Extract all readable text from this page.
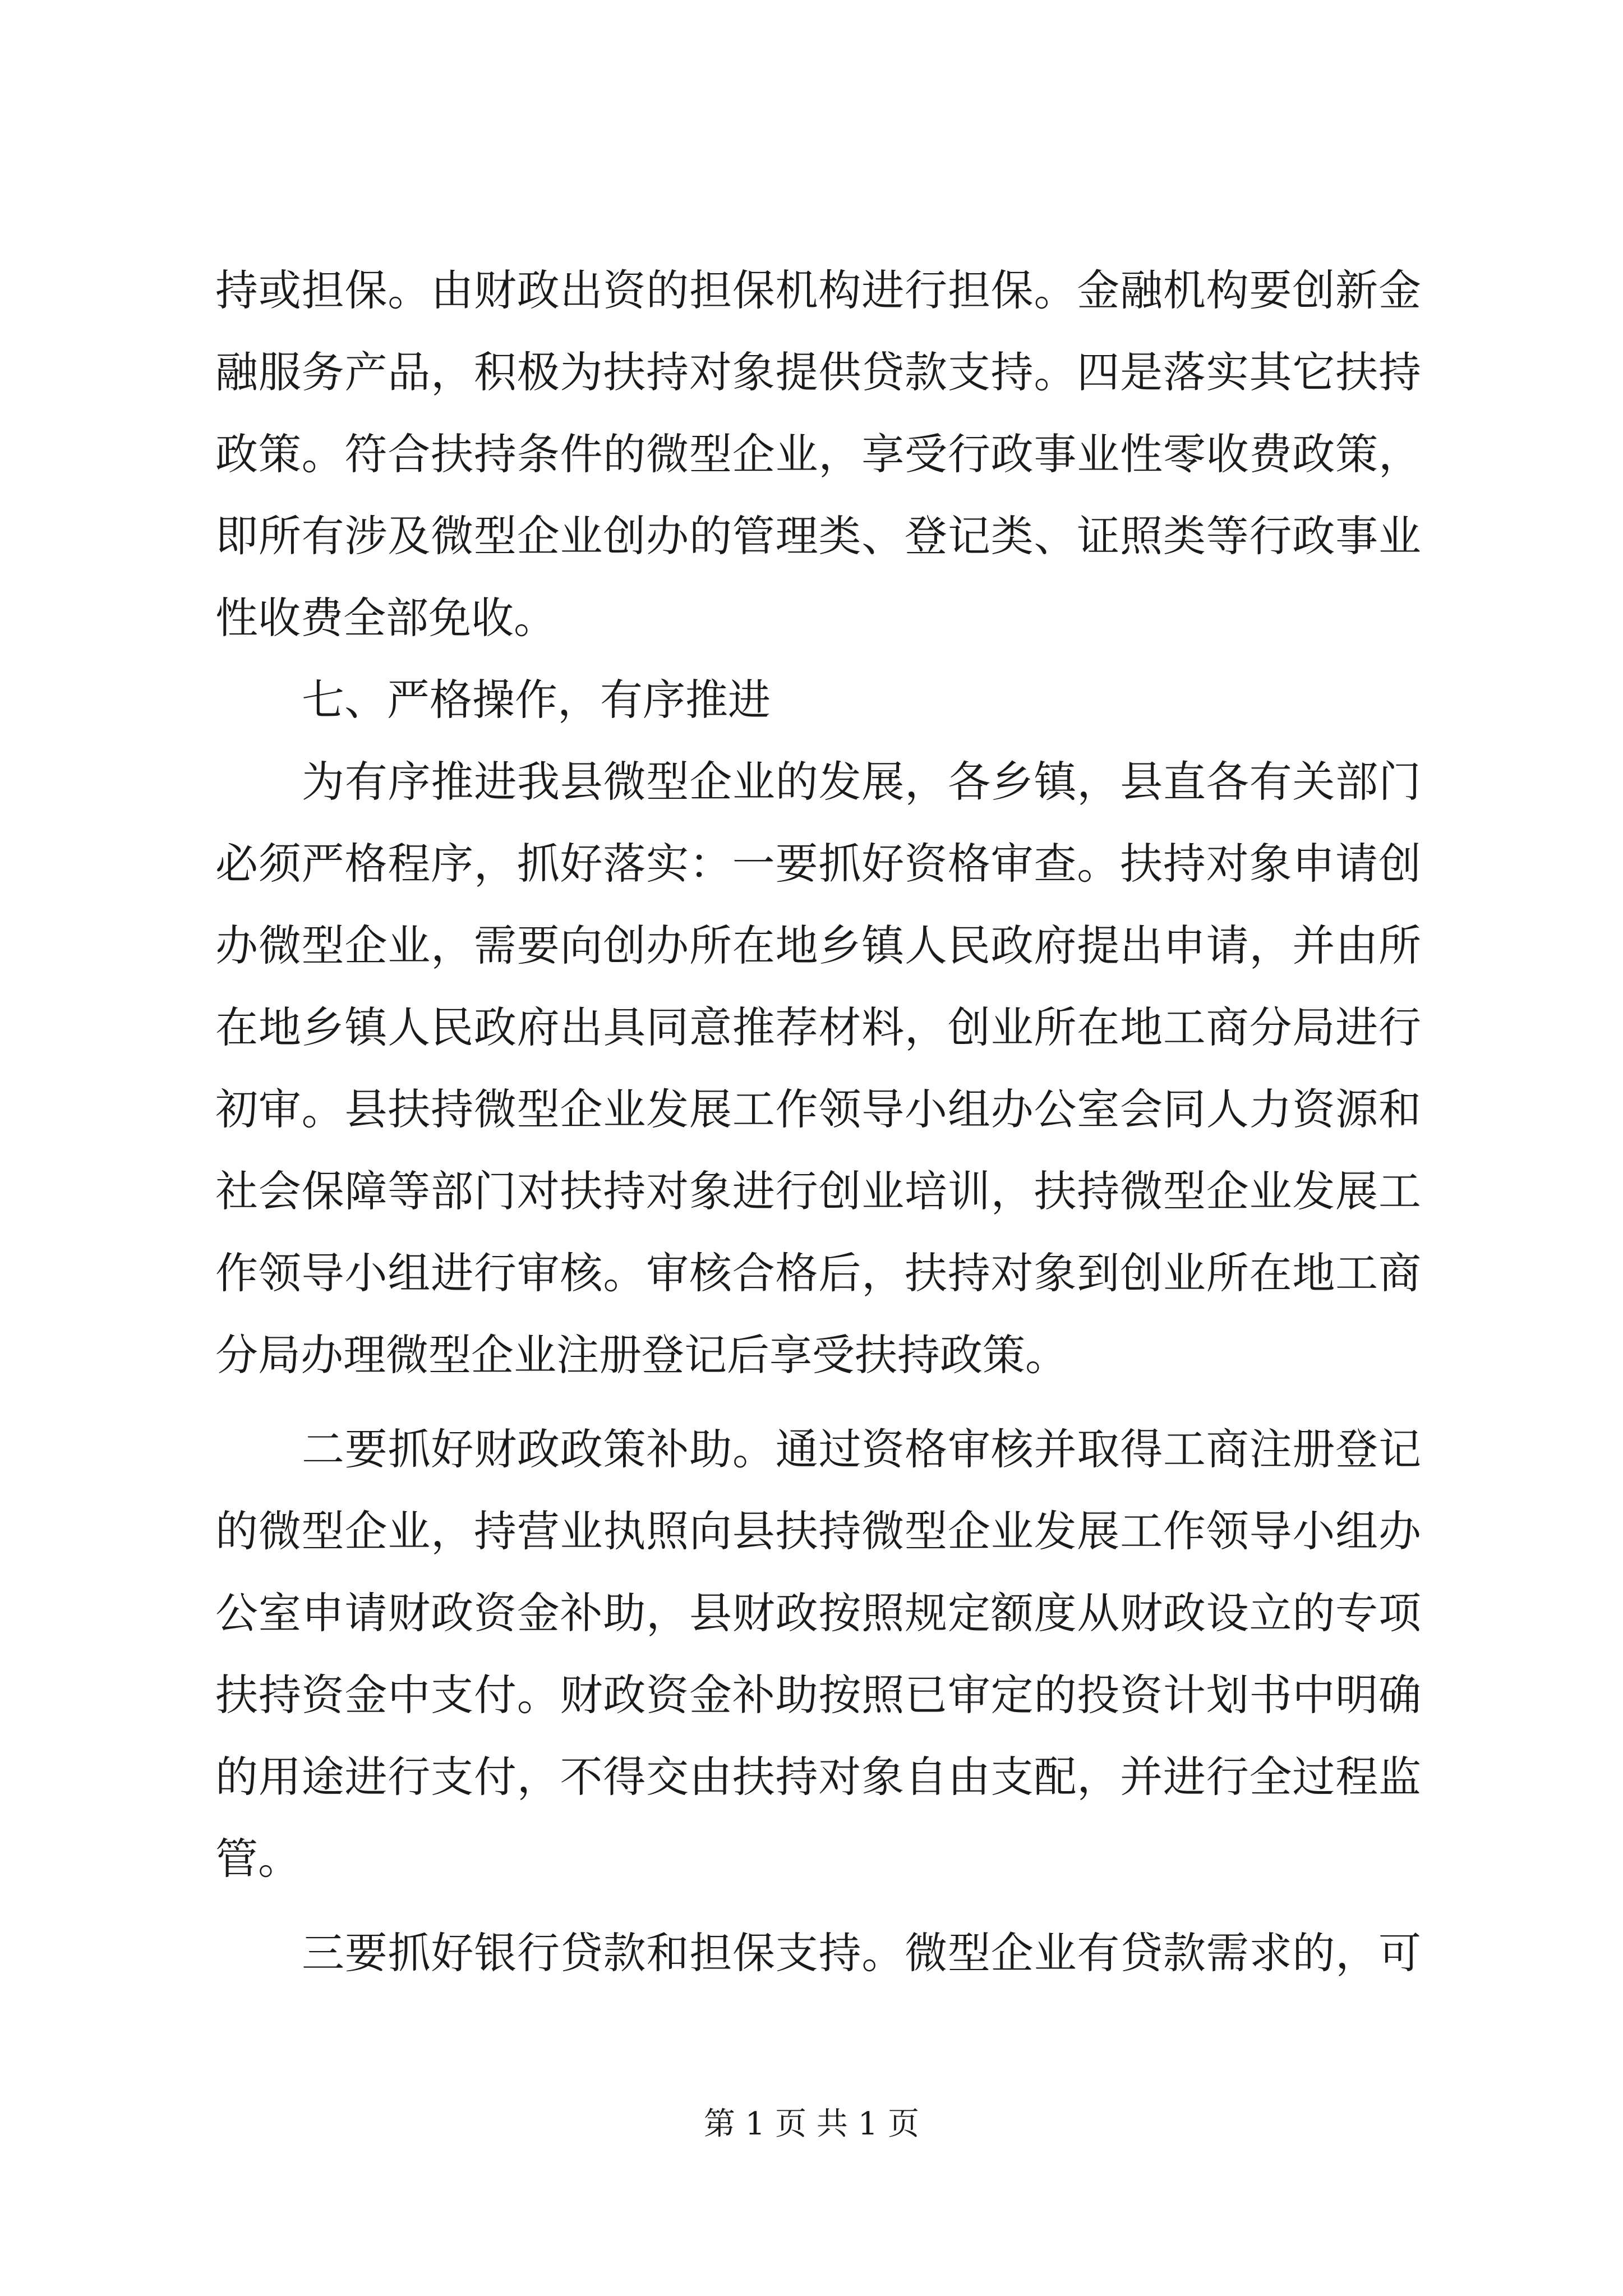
持或担保。由财政出资的担保机构进行担保。金融机构要创新金
融服务产品，积极为扶持对象提供贷款支持。四是落实其它扶持
政策。符合扶持条件的微型企业，享受行政事业性零收费政策，
即所有涉及微型企业创办的管理类、登记类、证照类等行政事业
性收费全部免收。
七、严格操作，有序推进
为有序推进我县微型企业的发展，各乡镇，县直各有关部门
必须严格程序，抓好落实：一要抓好资格审查。扶持对象申请创
办微型企业，需要向创办所在地乡镇人民政府提出申请，并由所
在地乡镇人民政府出具同意推荐材料，创业所在地工商分局进行
初审。县扶持微型企业发展工作领导小组办公室会同人力资源和
社会保障等部门对扶持对象进行创业培训，扶持微型企业发展工
作领导小组进行审核。审核合格后，扶持对象到创业所在地工商
分局办理微型企业注册登记后享受扶持政策。
二要抓好财政政策补助。通过资格审核并取得工商注册登记
的微型企业，持营业执照向县扶持微型企业发展工作领导小组办
公室申请财政资金补助，县财政按照规定额度从财政设立的专项
扶持资金中支付。财政资金补助按照已审定的投资计划书中明确
的用途进行支付，不得交由扶持对象自由支配，并进行全过程监
管。
三要抓好银行贷款和担保支持。微型企业有贷款需求的，可
第 1 页 共 1 页
